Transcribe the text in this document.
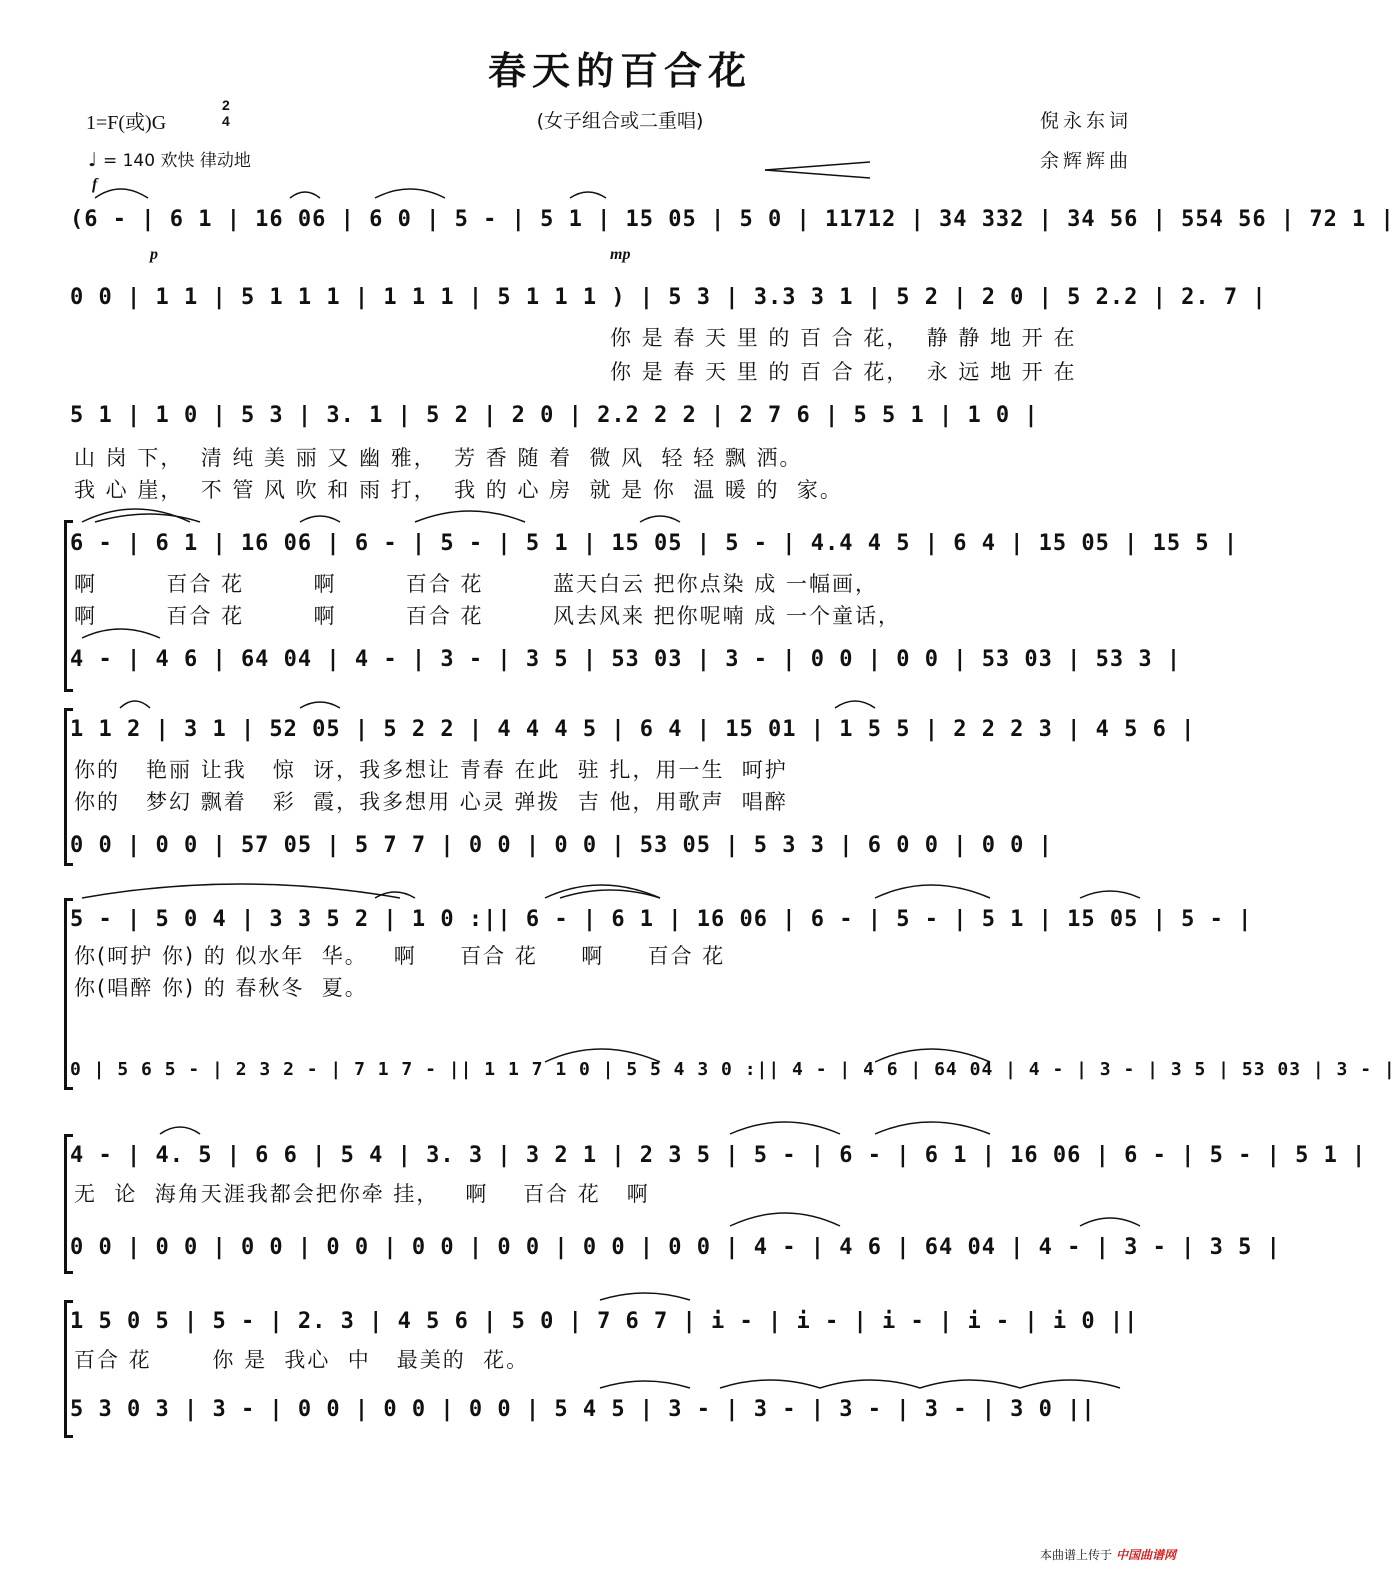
春天的百合花
1=F(或)G
2
4	(女子组合或二重唱)	倪永东词
♩ = 140 欢快 律动地	余辉辉曲
f
p	mp
(6 - | 6 1 | 16 06 | 6 0 | 5 - | 5 1 | 15 05 | 5 0 | 11712 | 34 332 | 34 56 | 554 56 | 72 1 |
0 0 | 1 1 | 5 1 1 1 | 1 1 1 | 5 1 1 1 ) | 5 3 | 3.3 3 1 | 5 2 | 2 0 | 5 2.2 | 2. 7 |
你 是 春 天 里 的 百 合 花，  静 静 地 开 在
你 是 春 天 里 的 百 合 花，  永 远 地 开 在
5 1 | 1 0 | 5 3 | 3. 1 | 5 2 | 2 0 | 2.2 2 2 | 2 7 6 | 5 5 1 | 1 0 |
山 岗 下，  清 纯 美 丽 又 幽 雅，  芳 香 随 着  微 风  轻 轻 飘 洒。
我 心 崖，  不 管 风 吹 和 雨 打，  我 的 心 房  就 是 你  温 暖 的  家。
6 - | 6 1 | 16 06 | 6 - | 5 - | 5 1 | 15 05 | 5 - | 4.4 4 5 | 6 4 | 15 05 | 15 5 |
啊        百合 花        啊        百合 花        蓝天白云 把你点染 成 一幅画，
啊        百合 花        啊        百合 花        风去风来 把你呢喃 成 一个童话，
4 - | 4 6 | 64 04 | 4 - | 3 - | 3 5 | 53 03 | 3 - | 0 0 | 0 0 | 53 03 | 53 3 |
1 1 2 | 3 1 | 52 05 | 5 2 2 | 4 4 4 5 | 6 4 | 15 01 | 1 5 5 | 2 2 2 3 | 4 5 6 |
你的   艳丽 让我   惊  讶，我多想让 青春 在此  驻 扎，用一生  呵护
你的   梦幻 飘着   彩  霞，我多想用 心灵 弹拨  吉 他，用歌声  唱醉
0 0 | 0 0 | 57 05 | 5 7 7 | 0 0 | 0 0 | 53 05 | 5 3 3 | 6 0 0 | 0 0 |
5 - | 5 0 4 | 3 3 5 2 | 1 0 :|| 6 - | 6 1 | 16 06 | 6 - | 5 - | 5 1 | 15 05 | 5 - |
你(呵护 你) 的 似水年  华。   啊     百合 花     啊     百合 花
你(唱醉 你) 的 春秋冬  夏。
0 | 5 6 5 - | 2 3 2 - | 7 1 7 - || 1 1 7 1 0 | 5 5 4 3 0 :|| 4 - | 4 6 | 64 04 | 4 - | 3 - | 3 5 | 53 03 | 3 - |
4 - | 4. 5 | 6 6 | 5 4 | 3. 3 | 3 2 1 | 2 3 5 | 5 - | 6 - | 6 1 | 16 06 | 6 - | 5 - | 5 1 |
无  论  海角天涯我都会把你牵 挂，   啊    百合 花   啊
0 0 | 0 0 | 0 0 | 0 0 | 0 0 | 0 0 | 0 0 | 0 0 | 4 - | 4 6 | 64 04 | 4 - | 3 - | 3 5 |
1 5 0 5 | 5 - | 2. 3 | 4 5 6 | 5 0 | 7 6 7 | i - | i - | i - | i - | i 0 ||
百合 花       你 是  我心  中   最美的  花。
5 3 0 3 | 3 - | 0 0 | 0 0 | 0 0 | 5 4 5 | 3 - | 3 - | 3 - | 3 - | 3 0 ||
本曲谱上传于 中国曲谱网
